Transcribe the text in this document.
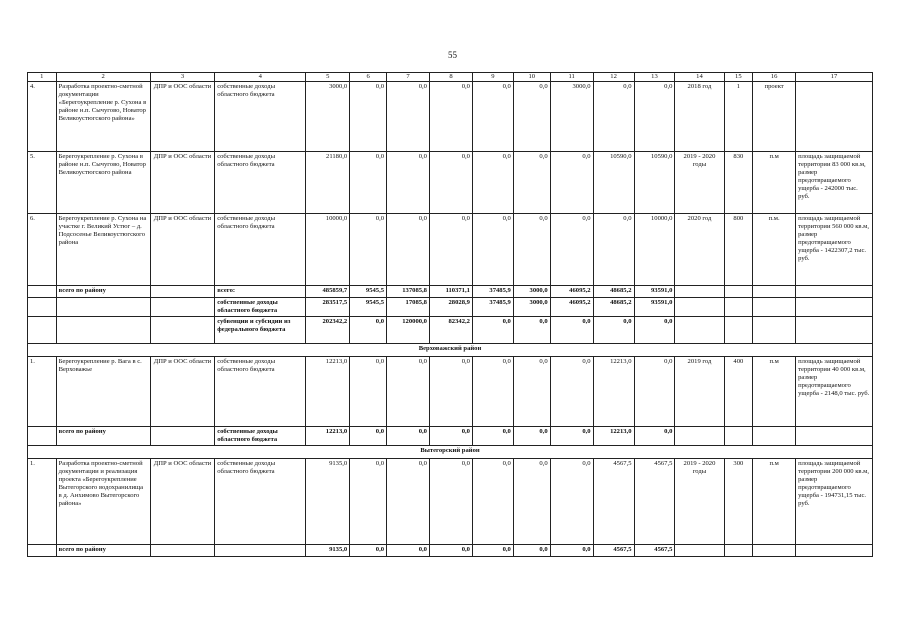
55
1	2	3	4	5	6	7	8	9	10	11	12	13	14	15	16	17
4.	Разработка проектно-сметной документации «Берегоукрепление р. Сухона в районе н.п. Сычугово, Новатор Великоустюгского района»	ДПР и ООС области	собственные доходы областного бюджета	3000,0	0,0	0,0	0,0	0,0	0,0	3000,0	0,0	0,0	2018 год	1	проект	
5.	Берегоукрепление р. Сухона в районе н.п. Сычугово, Новатор Великоустюгского района	ДПР и ООС области	собственные доходы областного бюджета	21180,0	0,0	0,0	0,0	0,0	0,0	0,0	10590,0	10590,0	2019 - 2020 годы	830	п.м	площадь защищаемой территории 83 000 кв.м, размер предотвращаемого ущерба - 242000 тыс. руб.
6.	Берегоукрепление р. Сухона на участке г. Великий Устюг – д. Подсосенье Великоустюгского района	ДПР и ООС области	собственные доходы областного бюджета	10000,0	0,0	0,0	0,0	0,0	0,0	0,0	0,0	10000,0	2020 год	800	п.м.	площадь защищаемой территории 560 000 кв.м, размер предотвращаемого ущерба - 1422307,2 тыс. руб.
	всего по району		всего:	485859,7	9545,5	137085,8	110371,1	37485,9	3000,0	46095,2	48685,2	93591,0				
			собственные доходы областного бюджета	283517,5	9545,5	17085,8	28028,9	37485,9	3000,0	46095,2	48685,2	93591,0				
			субвенции и субсидии из федерального бюджета	202342,2	0,0	120000,0	82342,2	0,0	0,0	0,0	0,0	0,0				
Верховажский район																
1.	Берегоукрепление р. Вага в с. Верховажье	ДПР и ООС области	собственные доходы областного бюджета	12213,0	0,0	0,0	0,0	0,0	0,0	0,0	12213,0	0,0	2019 год	400	п.м	площадь защищаемой территории 40 000 кв.м, размер предотвращаемого ущерба - 2148,0 тыс. руб.
	всего по району		собственные доходы областного бюджета	12213,0	0,0	0,0	0,0	0,0	0,0	0,0	12213,0	0,0				
Вытегорский район																
1.	Разработка проектно-сметной документации и реализация проекта «Берегоукрепление Вытегорского водохранилища в д. Анхимово Вытегорского района»	ДПР и ООС области	собственные доходы областного бюджета	9135,0	0,0	0,0	0,0	0,0	0,0	0,0	4567,5	4567,5	2019 - 2020 годы	300	п.м	площадь защищаемой территории 200 000 кв.м, размер предотвращаемого ущерба - 194731,15 тыс. руб.
	всего по району			9135,0	0,0	0,0	0,0	0,0	0,0	0,0	4567,5	4567,5				
